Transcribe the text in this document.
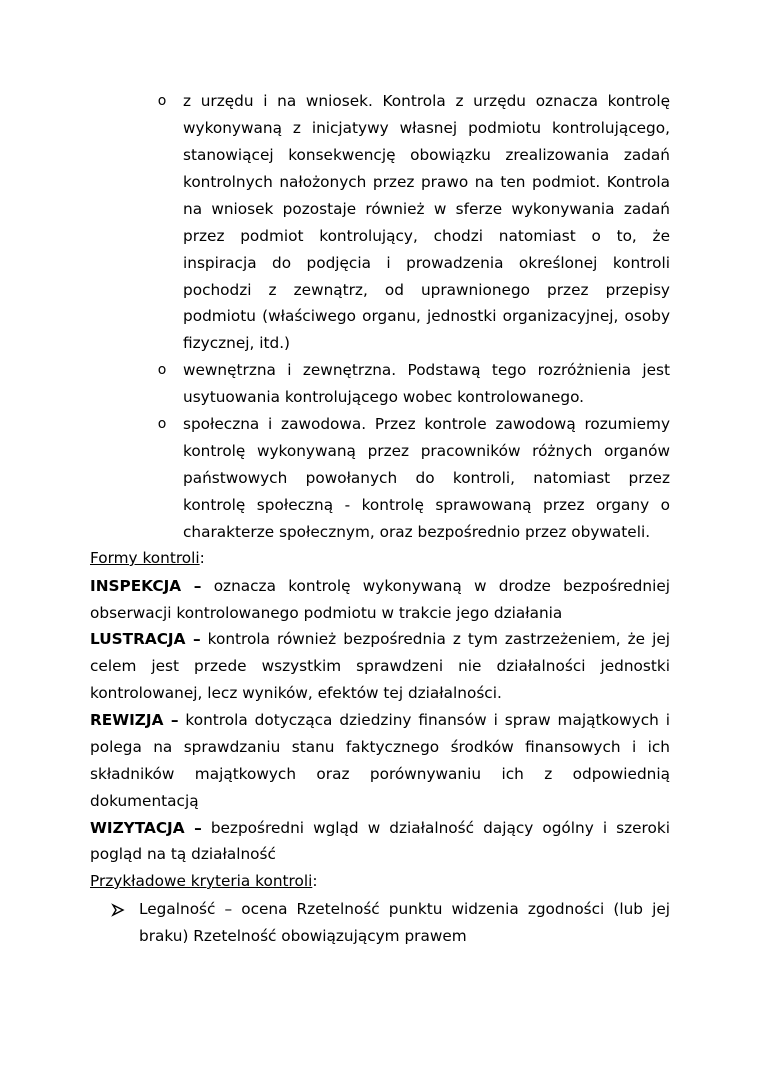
o z urzędu i na wniosek. Kontrola z urzędu oznacza kontrolę
wykonywaną z inicjatywy własnej podmiotu kontrolującego,
stanowiącej konsekwencję obowiązku zrealizowania zadań
kontrolnych nałożonych przez prawo na ten podmiot. Kontrola
na wniosek pozostaje również w sferze wykonywania zadań
przez podmiot kontrolujący, chodzi natomiast o to, że
inspiracja do podjęcia i prowadzenia określonej kontroli
pochodzi z zewnątrz, od uprawnionego przez przepisy
podmiotu (właściwego organu, jednostki organizacyjnej, osoby
fizycznej, itd.)
o wewnętrzna i zewnętrzna. Podstawą tego rozróżnienia jest
usytuowania kontrolującego wobec kontrolowanego.
o społeczna i zawodowa. Przez kontrole zawodową rozumiemy
kontrolę wykonywaną przez pracowników różnych organów
państwowych powołanych do kontroli, natomiast przez
kontrolę społeczną - kontrolę sprawowaną przez organy o
charakterze społecznym, oraz bezpośrednio przez obywateli.
Formy kontroli:
INSPEKCJA – oznacza kontrolę wykonywaną w drodze bezpośredniej
obserwacji kontrolowanego podmiotu w trakcie jego działania
LUSTRACJA – kontrola również bezpośrednia z tym zastrzeżeniem, że jej
celem jest przede wszystkim sprawdzeni nie działalności jednostki
kontrolowanej, lecz wyników, efektów tej działalności.
REWIZJA – kontrola dotycząca dziedziny finansów i spraw majątkowych i
polega na sprawdzaniu stanu faktycznego środków finansowych i ich
składników majątkowych oraz porównywaniu ich z odpowiednią
dokumentacją
WIZYTACJA – bezpośredni wgląd w działalność dający ogólny i szeroki
pogląd na tą działalność
Przykładowe kryteria kontroli:
Legalność – ocena Rzetelność punktu widzenia zgodności (lub jej
braku) Rzetelność obowiązującym prawem
